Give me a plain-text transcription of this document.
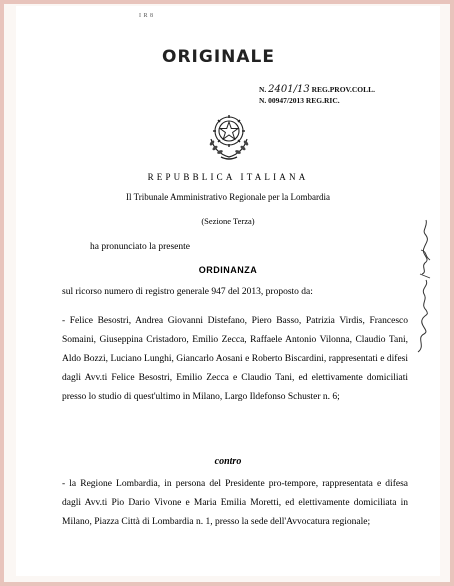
I R 8
ORIGINALE
N. 2401/13 REG.PROV.COLL.
N. 00947/2013 REG.RIC.
REPUBBLICA ITALIANA
Il Tribunale Amministrativo Regionale per la Lombardia
(Sezione Terza)
ha pronunciato la presente
ORDINANZA
sul ricorso numero di registro generale 947 del 2013, proposto da:
- Felice Besostri, Andrea Giovanni Distefano, Piero Basso, Patrizia Virdis, Francesco Somaini, Giuseppina Cristadoro, Emilio Zecca, Raffaele Antonio Vilonna, Claudio Tani, Aldo Bozzi, Luciano Lunghi, Giancarlo Aosani e Roberto Biscardini, rappresentati e difesi dagli Avv.ti Felice Besostri, Emilio Zecca e Claudio Tani, ed elettivamente domiciliati presso lo studio di quest'ultimo in Milano, Largo Ildefonso Schuster n. 6;
contro
- la Regione Lombardia, in persona del Presidente pro-tempore, rappresentata e difesa dagli Avv.ti Pio Dario Vivone e Maria Emilia Moretti, ed elettivamente domiciliata in Milano, Piazza Città di Lombardia n. 1, presso la sede dell'Avvocatura regionale;
